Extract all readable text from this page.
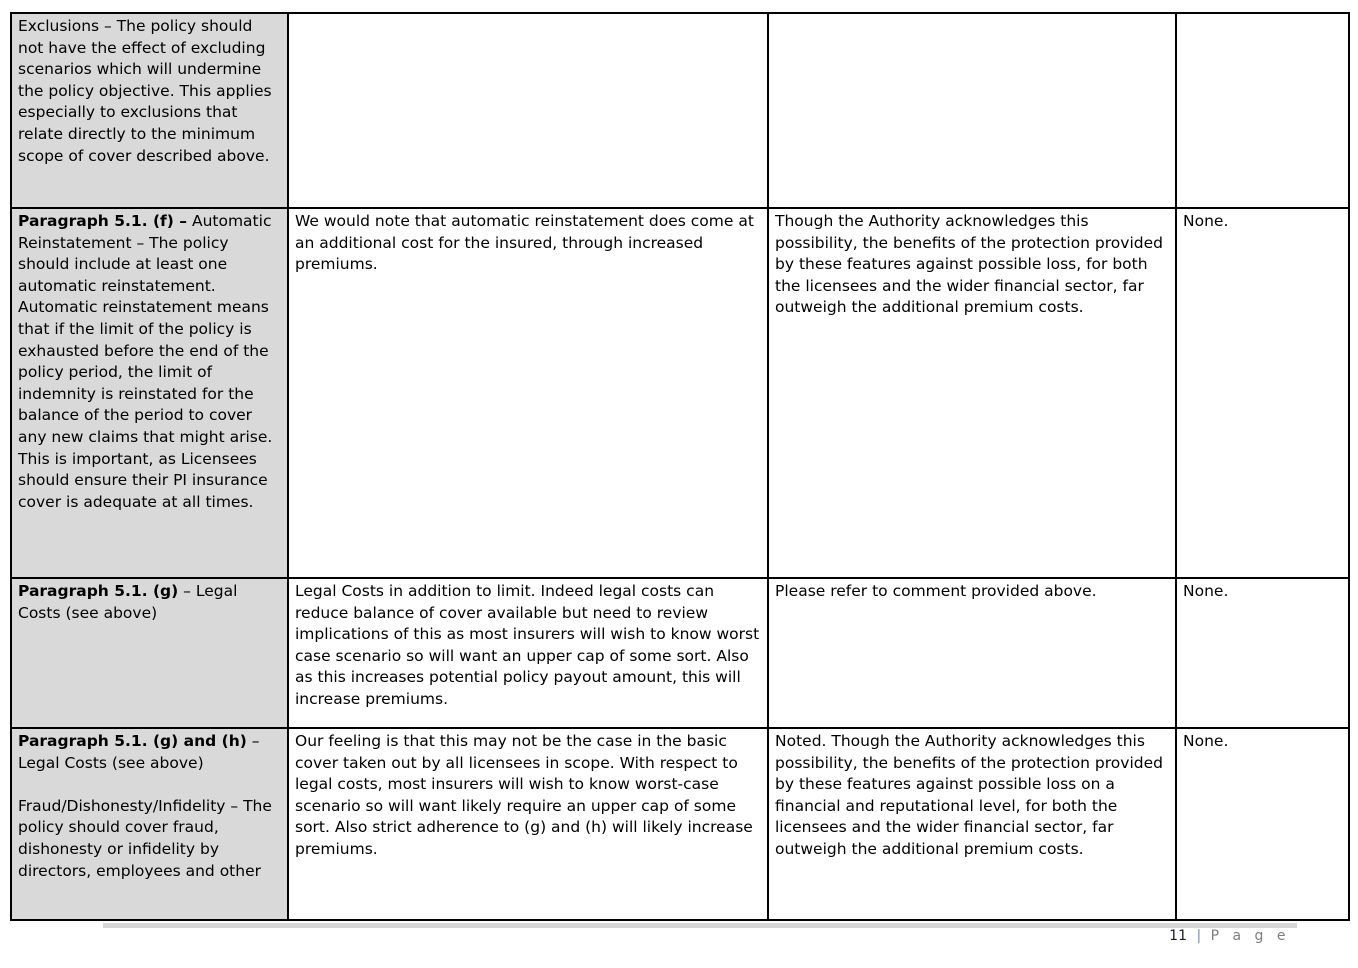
Exclusions – The policy should not have the effect of excluding scenarios which will undermine the policy objective. This applies especially to exclusions that relate directly to the minimum scope of cover described above.
Paragraph 5.1. (f) – Automatic Reinstatement – The policy should include at least one automatic reinstatement. Automatic reinstatement means that if the limit of the policy is exhausted before the end of the policy period, the limit of indemnity is reinstated for the balance of the period to cover any new claims that might arise. This is important, as Licensees should ensure their PI insurance cover is adequate at all times.
We would note that automatic reinstatement does come at an additional cost for the insured, through increased premiums.
Though the Authority acknowledges this possibility, the benefits of the protection provided by these features against possible loss, for both the licensees and the wider financial sector, far outweigh the additional premium costs.
None.
Paragraph 5.1. (g) – Legal Costs (see above)
Legal Costs in addition to limit. Indeed legal costs can reduce balance of cover available but need to review implications of this as most insurers will wish to know worst case scenario so will want an upper cap of some sort. Also as this increases potential policy payout amount, this will increase premiums.
Please refer to comment provided above.	None.
Paragraph 5.1. (g) and (h) – Legal Costs (see above)
Fraud/Dishonesty/Infidelity – The policy should cover fraud, dishonesty or infidelity by directors, employees and other
Our feeling is that this may not be the case in the basic cover taken out by all licensees in scope. With respect to legal costs, most insurers will wish to know worst-case scenario so will want likely require an upper cap of some sort. Also strict adherence to (g) and (h) will likely increase premiums.
Noted. Though the Authority acknowledges this possibility, the benefits of the protection provided by these features against possible loss on a financial and reputational level, for both the licensees and the wider financial sector, far outweigh the additional premium costs.
None.
11 | P a g e
